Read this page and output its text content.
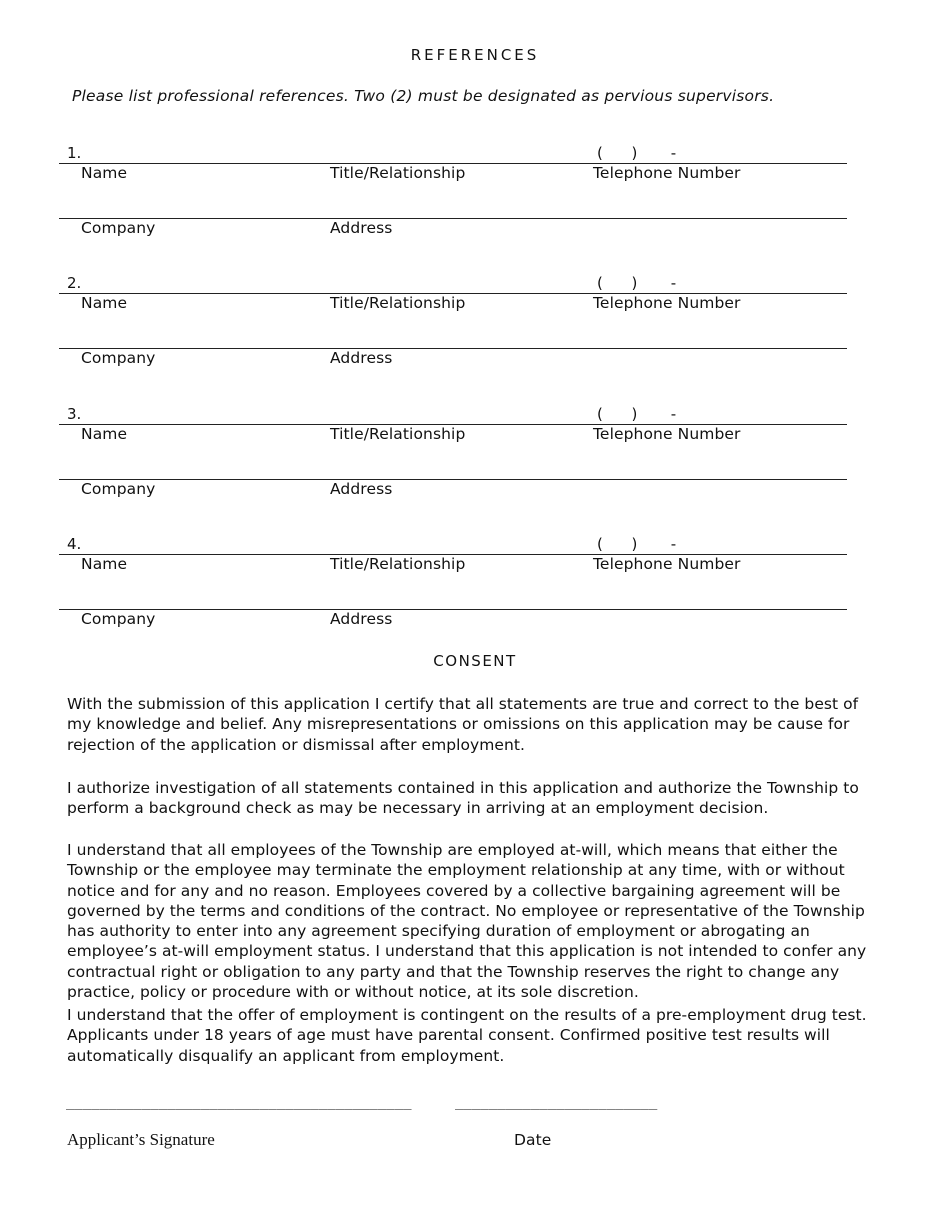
REFERENCES
Please list professional references. Two (2) must be designated as pervious supervisors.
1.	(      )       -
Name	Title/Relationship	Telephone Number
Company	Address
2.	(      )       -
Name	Title/Relationship	Telephone Number
Company	Address
3.	(      )       -
Name	Title/Relationship	Telephone Number
Company	Address
4.	(      )       -
Name	Title/Relationship	Telephone Number
Company	Address
CONSENT
With the submission of this application I certify that all statements are true and correct to the best of my knowledge and belief. Any misrepresentations or omissions on this application may be cause for rejection of the application or dismissal after employment.
I authorize investigation of all statements contained in this application and authorize the Township to perform a background check as may be necessary in arriving at an employment decision.
I understand that all employees of the Township are employed at-will, which means that either the Township or the employee may terminate the employment relationship at any time, with or without notice and for any and no reason. Employees covered by a collective bargaining agreement will be governed by the terms and conditions of the contract. No employee or representative of the Township has authority to enter into any agreement specifying duration of employment or abrogating an employee’s at-will employment status. I understand that this application is not intended to confer any contractual right or obligation to any party and that the Township reserves the right to change any practice, policy or procedure with or without notice, at its sole discretion.
I understand that the offer of employment is contingent on the results of a pre-employment drug test. Applicants under 18 years of age must have parental consent. Confirmed positive test results will automatically disqualify an applicant from employment.
_________________________________________	________________________
Applicant’s Signature	Date
